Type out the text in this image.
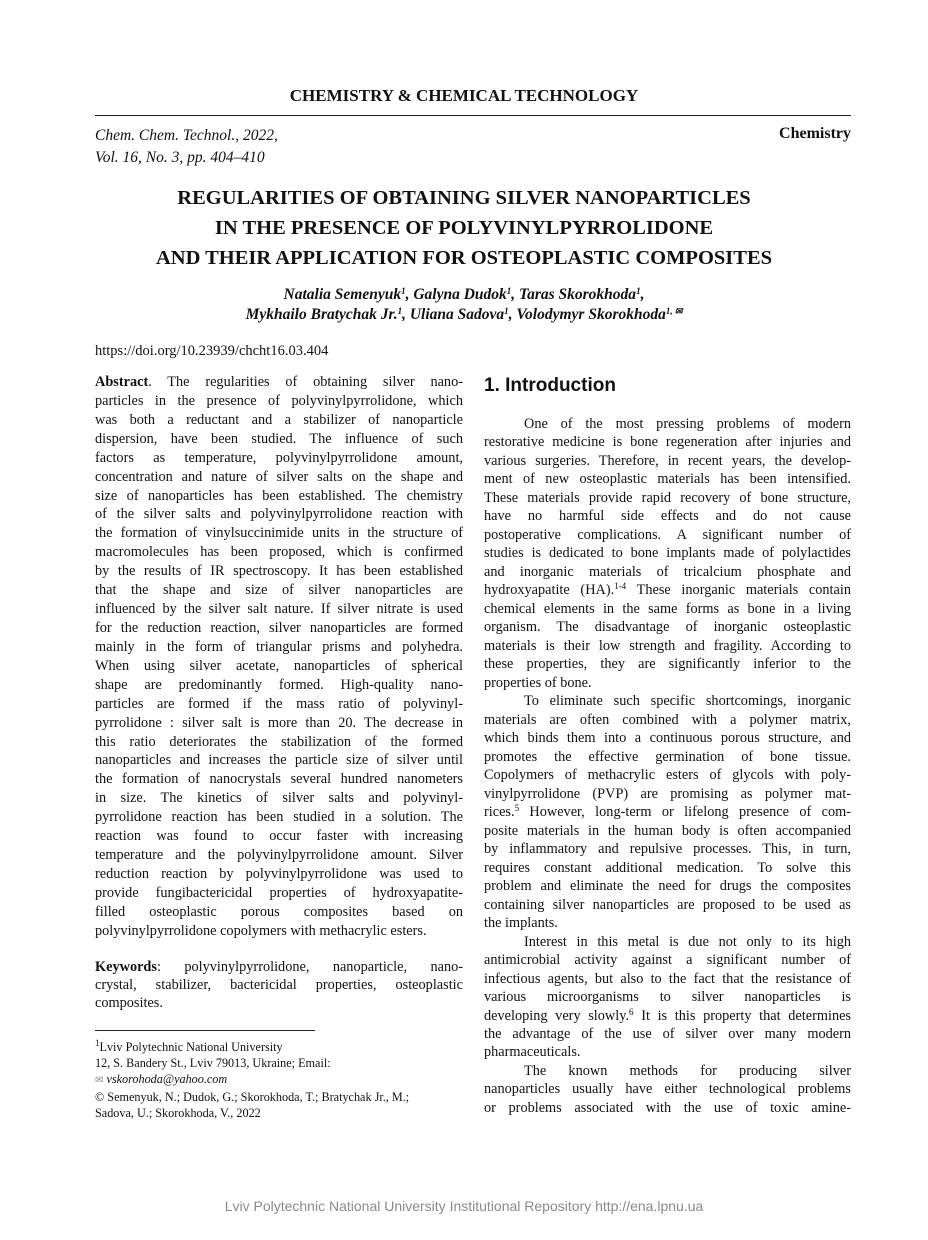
CHEMISTRY & CHEMICAL TECHNOLOGY
Chem. Chem. Technol., 2022,
Vol. 16, No. 3, pp. 404–410
Chemistry
REGULARITIES OF OBTAINING SILVER NANOPARTICLES
IN THE PRESENCE OF POLYVINYLPYRROLIDONE
AND THEIR APPLICATION FOR OSTEOPLASTIC COMPOSITES
Natalia Semenyuk$^1$, Galyna Dudok$^1$, Taras Skorokhoda$^1$,
Mykhailo Bratychak Jr.$^1$, Uliana Sadova$^1$, Volodymyr Skorokhoda$^{1, ✉}$
https://doi.org/10.23939/chcht16.03.404
Abstract. The regularities of obtaining silver nano-
particles in the presence of polyvinylpyrrolidone, which
was both a reductant and a stabilizer of nanoparticle
dispersion, have been studied. The influence of such
factors as temperature, polyvinylpyrrolidone amount,
concentration and nature of silver salts on the shape and
size of nanoparticles has been established. The chemistry
of the silver salts and polyvinylpyrrolidone reaction with
the formation of vinylsuccinimide units in the structure of
macromolecules has been proposed, which is confirmed
by the results of IR spectroscopy. It has been established
that the shape and size of silver nanoparticles are
influenced by the silver salt nature. If silver nitrate is used
for the reduction reaction, silver nanoparticles are formed
mainly in the form of triangular prisms and polyhedra.
When using silver acetate, nanoparticles of spherical
shape are predominantly formed. High-quality nano-
particles are formed if the mass ratio of polyvinyl-
pyrrolidone : silver salt is more than 20. The decrease in
this ratio deteriorates the stabilization of the formed
nanoparticles and increases the particle size of silver until
the formation of nanocrystals several hundred nanometers
in size. The kinetics of silver salts and polyvinyl-
pyrrolidone reaction has been studied in a solution. The
reaction was found to occur faster with increasing
temperature and the polyvinylpyrrolidone amount. Silver
reduction reaction by polyvinylpyrrolidone was used to
provide fungibactericidal properties of hydroxyapatite-
filled osteoplastic porous composites based on
polyvinylpyrrolidone copolymers with methacrylic esters.
Keywords: polyvinylpyrrolidone, nanoparticle, nano-
crystal, stabilizer, bactericidal properties, osteoplastic
composites.
1. Introduction
One of the most pressing problems of modern
restorative medicine is bone regeneration after injuries and
various surgeries. Therefore, in recent years, the develop-
ment of new osteoplastic materials has been intensified.
These materials provide rapid recovery of bone structure,
have no harmful side effects and do not cause
postoperative complications. A significant number of
studies is dedicated to bone implants made of polylactides
and inorganic materials of tricalcium phosphate and
hydroxyapatite (HA).$^{1-4}$ These inorganic materials contain
chemical elements in the same forms as bone in a living
organism. The disadvantage of inorganic osteoplastic
materials is their low strength and fragility. According to
these properties, they are significantly inferior to the
properties of bone.
To eliminate such specific shortcomings, inorganic
materials are often combined with a polymer matrix,
which binds them into a continuous porous structure, and
promotes the effective germination of bone tissue.
Copolymers of methacrylic esters of glycols with poly-
vinylpyrrolidone (PVP) are promising as polymer mat-
rices.$^5$ However, long-term or lifelong presence of com-
posite materials in the human body is often accompanied
by inflammatory and repulsive processes. This, in turn,
requires constant additional medication. To solve this
problem and eliminate the need for drugs the composites
containing silver nanoparticles are proposed to be used as
the implants.
Interest in this metal is due not only to its high
antimicrobial activity against a significant number of
infectious agents, but also to the fact that the resistance of
various microorganisms to silver nanoparticles is
developing very slowly.$^6$ It is this property that determines
the advantage of the use of silver over many modern
pharmaceuticals.
The known methods for producing silver
nanoparticles usually have either technological problems
or problems associated with the use of toxic amine-
$^1$Lviv Polytechnic National University
12, S. Bandery St., Lviv 79013, Ukraine; Email:
✉ vskorohoda@yahoo.com
© Semenyuk, N.; Dudok, G.; Skorokhoda, T.; Bratychak Jr., M.;
Sadova, U.; Skorokhoda, V., 2022
Lviv Polytechnic National University Institutional Repository http://ena.lpnu.ua
